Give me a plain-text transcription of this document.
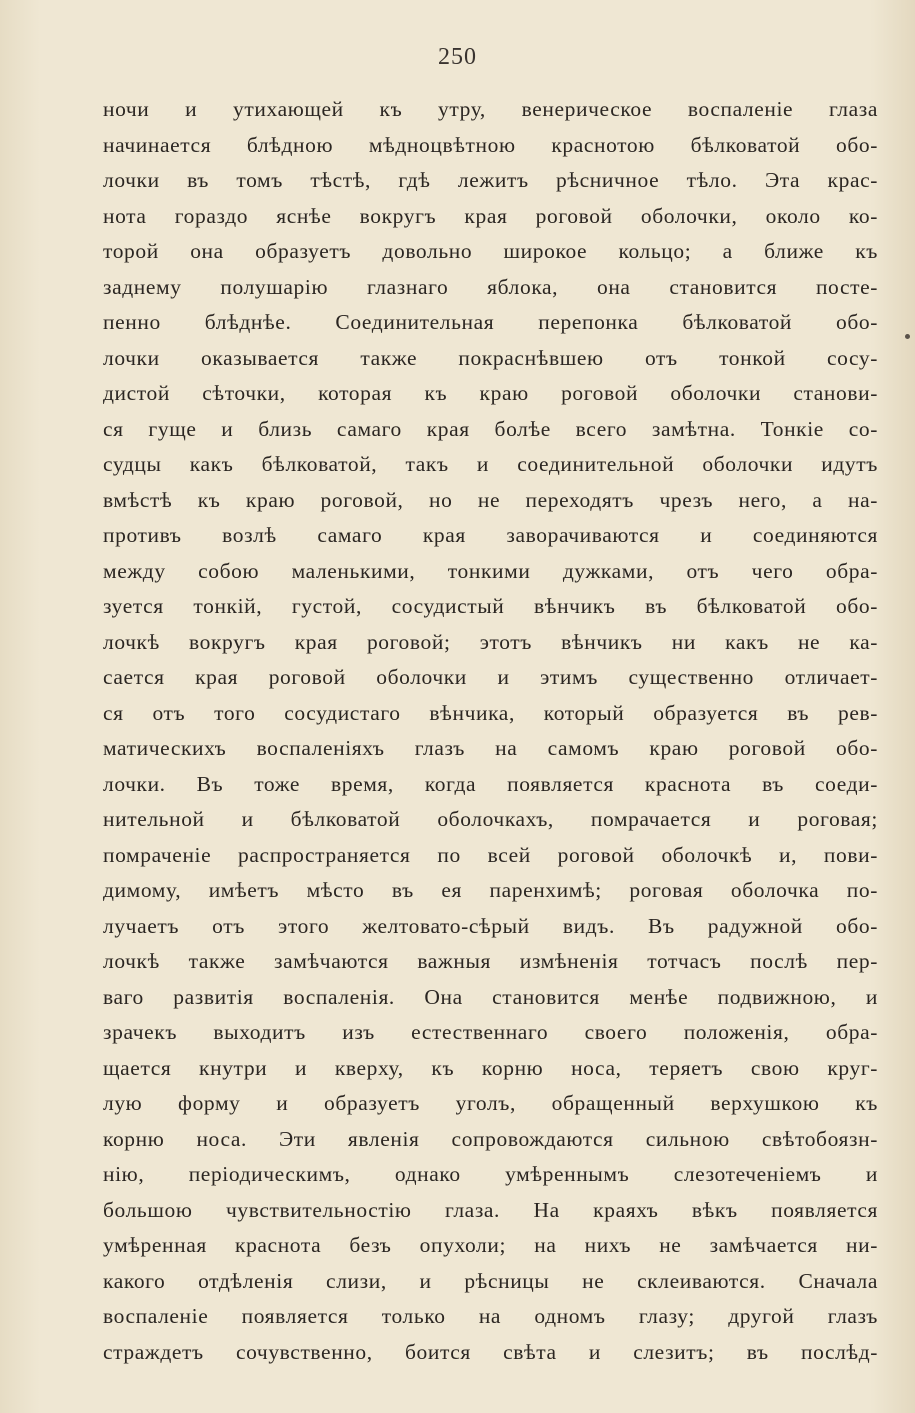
250
ночи и утихающей къ утру, венерическое воспаленіе глаза
начинается блѣдною мѣдноцвѣтною краснотою бѣлковатой обо-
лочки въ томъ тѣстѣ, гдѣ лежитъ рѣсничное тѣло. Эта крас-
нота гораздо яснѣе вокругъ края роговой оболочки, около ко-
торой она образуетъ довольно широкое кольцо; а ближе къ
заднему полушарію глазнаго яблока, она становится посте-
пенно блѣднѣе. Соединительная перепонка бѣлковатой обо-
лочки оказывается также покраснѣвшею отъ тонкой сосу-
дистой сѣточки, которая къ краю роговой оболочки станови-
ся гуще и близь самаго края болѣе всего замѣтна. Тонкіе со-
судцы какъ бѣлковатой, такъ и соединительной оболочки идутъ
вмѣстѣ къ краю роговой, но не переходятъ чрезъ него, а на-
противъ возлѣ самаго края заворачиваются и соединяются
между собою маленькими, тонкими дужками, отъ чего обра-
зуется тонкій, густой, сосудистый вѣнчикъ въ бѣлковатой обо-
лочкѣ вокругъ края роговой; этотъ вѣнчикъ ни какъ не ка-
сается края роговой оболочки и этимъ существенно отличает-
ся отъ того сосудистаго вѣнчика, который образуется въ рев-
матическихъ воспаленіяхъ глазъ на самомъ краю роговой обо-
лочки. Въ тоже время, когда появляется краснота въ соеди-
нительной и бѣлковатой оболочкахъ, помрачается и роговая;
помраченіе распространяется по всей роговой оболочкѣ и, пови-
димому, имѣетъ мѣсто въ ея паренхимѣ; роговая оболочка по-
лучаетъ отъ этого желтовато-сѣрый видъ. Въ радужной обо-
лочкѣ также замѣчаются важныя измѣненія тотчасъ послѣ пер-
ваго развитія воспаленія. Она становится менѣе подвижною, и
зрачекъ выходитъ изъ естественнаго своего положенія, обра-
щается кнутри и кверху, къ корню носа, теряетъ свою круг-
лую форму и образуетъ уголъ, обращенный верхушкою къ
корню носа. Эти явленія сопровождаются сильною свѣтобоязн-
нію, періодическимъ, однако умѣреннымъ слезотеченіемъ и
большою чувствительностію глаза. На краяхъ вѣкъ появляется
умѣренная краснота безъ опухоли; на нихъ не замѣчается ни-
какого отдѣленія слизи, и рѣсницы не склеиваются. Сначала
воспаленіе появляется только на одномъ глазу; другой глазъ
страждетъ сочувственно, боится свѣта и слезитъ; въ послѣд-
